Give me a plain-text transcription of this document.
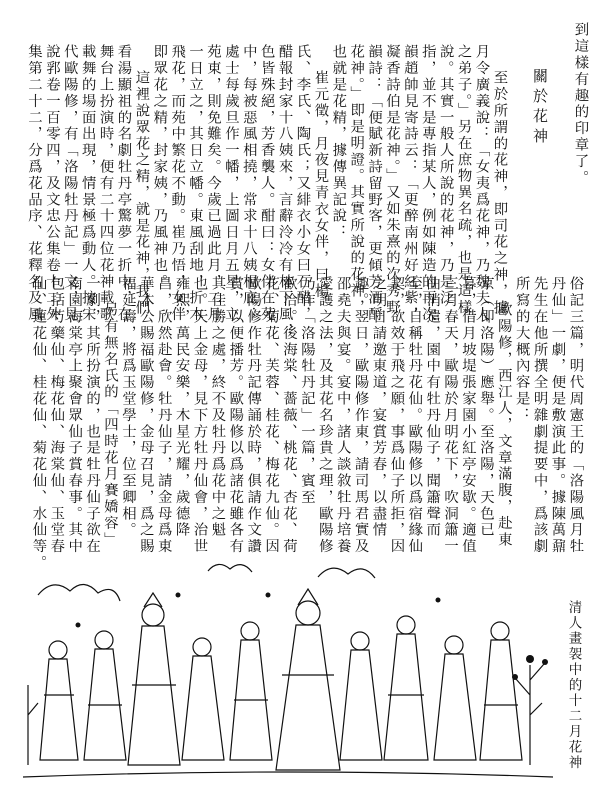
到這樣有趣的印章了。
關於花神
至於所謂的花神，即司花之神，據
月令廣義說：「女夷爲花神，乃魏夫人
之弟子。」另在庶物異名疏，也是這樣
說。其實一般人所說的花神，乃是泛
指，並不是專指某人，例如陳造的再次
韻趙帥見寄詩云：「更醉南州好紅紫，
凝香詩伯是花神。」又如朱熹的次秀野
韻詩：「便賦新詩留野客，更傾芳酒酹
花神。」即是明證。其實所說的花神，
也就是花精，據傳異記說：
崔元徵，月夜見青衣女伴，曰楊
氏、李氏、陶氏；又緋衣小女曰石醋，
醋報封家十八姨來，言辭泠冷有林下風，
色皆殊絕，芳香襲人。酣曰：女伴在苑
中，每被惡風相撓，常求十八姨相庇；
處士每歲旦作一幡，上圖日月五星，立
苑東，則免難矣。今歲已過此月，二月
一日立之，其日立幡。東風刮地，折木
飛花，而苑中繁花不動。崔乃悟，女伴
即眾花之精，封家姨，乃風神也。
這裡說眾花之精，就是花神，我們
看湯顯祖的名劇牡丹亭驚夢一折中，在
舞台上扮演時，便有二十四位花神載歌
載舞的場面出現，情景極爲動人。按宋
代歐陽修，有「洛陽牡丹記」一文，見
說郛卷一百零四，及文忠公集卷十二外
集第二十二，分爲花品序、花釋名及風
俗記三篇，明代周憲王的「洛陽風月牡
丹仙」一劇，便是敷演此事。據陳萬鼐
先生在他所撰全明雜劇提要中，爲該劇
所寫的大概內容是：
歐陽修，西江人，文章滿腹，赴東
京（即洛陽）應舉。至洛陽，天色已
暮，借月坡堤張家園小紅亭安歇。適值
三月春天，歐陽於月明花下，吹洞簫一
曲消遣，園中有牡丹仙子，聞簫聲而
至，自稱牡丹花仙。歐陽修以爲宿緣仙
契，欲效于飛之願，事爲仙子所拒，因
之明日請邀東道，宴賞芳春，以盡情
趣。翌日，歐陽修作東，請司馬君實及
邵堯夫與宴。宴中，諸人談敘牡丹培養
愛護之法，及其花名珍貴之理，歐陽修
乃作「洛陽牡丹記」一篇，賓至
歡洽。後海棠、薔薇、桃花、杏花、荷
花、菊花、芙蓉、桂花、梅花九仙。因
歐陽修作牡丹記傳誦於時，俱請作文讚
賞，以便播芳。歐陽修以爲諸花雖各有
其佳勝之處，終不及牡丹爲花中之魁
也。天上金母，見下方牡丹仙會，治世
雍熙，萬民安樂，木星光耀，歲德降
昌，欣然赴會。牡丹仙子，請金母爲東
華木公賜福歐陽修，金母召見，爲之賜
福延壽，將爲玉堂學士，位至卿相。
另有無名氏的「四時花月賽嬌容」
一劇，其所扮演的，也是牡丹仙子欲在
南園海棠亭上聚會眾仙子賞春事。其中
包括芍藥仙、梅花仙、海棠仙、玉堂春
仙、蓮花仙、桂花仙、菊花仙、水仙等。
清人畫袈中的十二月花神
